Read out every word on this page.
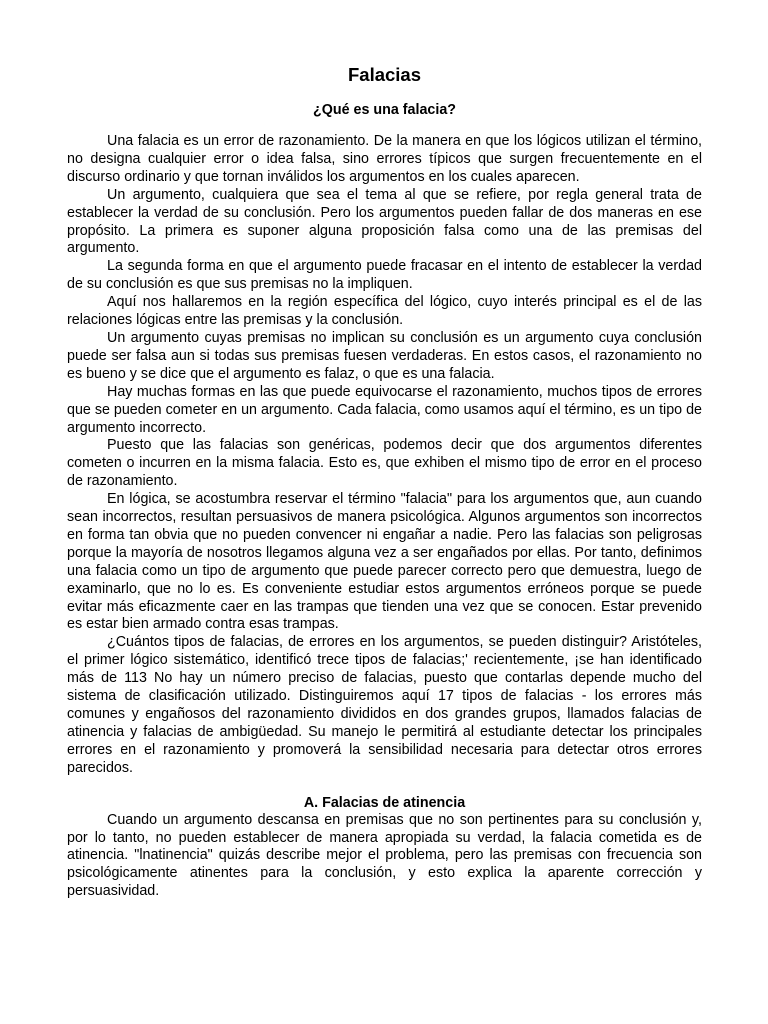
Falacias
¿Qué es una falacia?

Una falacia es un error de razonamiento. De la manera en que los lógicos utilizan el término, no designa cualquier error o idea falsa, sino errores típicos que surgen frecuentemente en el discurso ordinario y que tornan inválidos los argumentos en los cuales aparecen.

Un argumento, cualquiera que sea el tema al que se refiere, por regla general trata de establecer la verdad de su conclusión. Pero los argumentos pueden fallar de dos maneras en ese propósito. La primera es suponer alguna proposición falsa como una de las premisas del argumento.

La segunda forma en que el argumento puede fracasar en el intento de establecer la verdad de su conclusión es que sus premisas no la impliquen.

Aquí nos hallaremos en la región específica del lógico, cuyo interés principal es el de las relaciones lógicas entre las premisas y la conclusión.

Un argumento cuyas premisas no implican su conclusión es un argumento cuya conclusión puede ser falsa aun si todas sus premisas fuesen verdaderas. En estos casos, el razonamiento no es bueno y se dice que el argumento es falaz, o que es una falacia.

Hay muchas formas en las que puede equivocarse el razonamiento, muchos tipos de errores que se pueden cometer en un argumento. Cada falacia, como usamos aquí el término, es un tipo de argumento incorrecto.

Puesto que las falacias son genéricas, podemos decir que dos argumentos diferentes cometen o incurren en la misma falacia. Esto es, que exhiben el mismo tipo de error en el proceso de razonamiento.

En lógica, se acostumbra reservar el término "falacia" para los argumentos que, aun cuando sean incorrectos, resultan persuasivos de manera psicológica. Algunos argumentos son incorrectos en forma tan obvia que no pueden convencer ni engañar a nadie. Pero las falacias son peligrosas porque la mayoría de nosotros llegamos alguna vez a ser engañados por ellas. Por tanto, definimos una falacia como un tipo de argumento que puede parecer correcto pero que demuestra, luego de examinarlo, que no lo es. Es conveniente estudiar estos argumentos erróneos porque se puede evitar más eficazmente caer en las trampas que tienden una vez que se conocen. Estar prevenido es estar bien armado contra esas trampas.

¿Cuántos tipos de falacias, de errores en los argumentos, se pueden distinguir? Aristóteles, el primer lógico sistemático, identificó trece tipos de falacias;' recientemente, ¡se han identificado más de 113 No hay un número preciso de falacias, puesto que contarlas depende mucho del sistema de clasificación utilizado. Distinguiremos aquí 17 tipos de falacias - los errores más comunes y engañosos del razonamiento divididos en dos grandes grupos, llamados falacias de atinencia y falacias de ambigüedad. Su manejo le permitirá al estudiante detectar los principales errores en el razonamiento y promoverá la sensibilidad necesaria para detectar otros errores parecidos.

A. Falacias de atinencia

Cuando un argumento descansa en premisas que no son pertinentes para su conclusión y, por lo tanto, no pueden establecer de manera apropiada su verdad, la falacia cometida es de atinencia. "lnatinencia" quizás describe mejor el problema, pero las premisas con frecuencia son psicológicamente atinentes para la conclusión, y esto explica la aparente corrección y persuasividad.
